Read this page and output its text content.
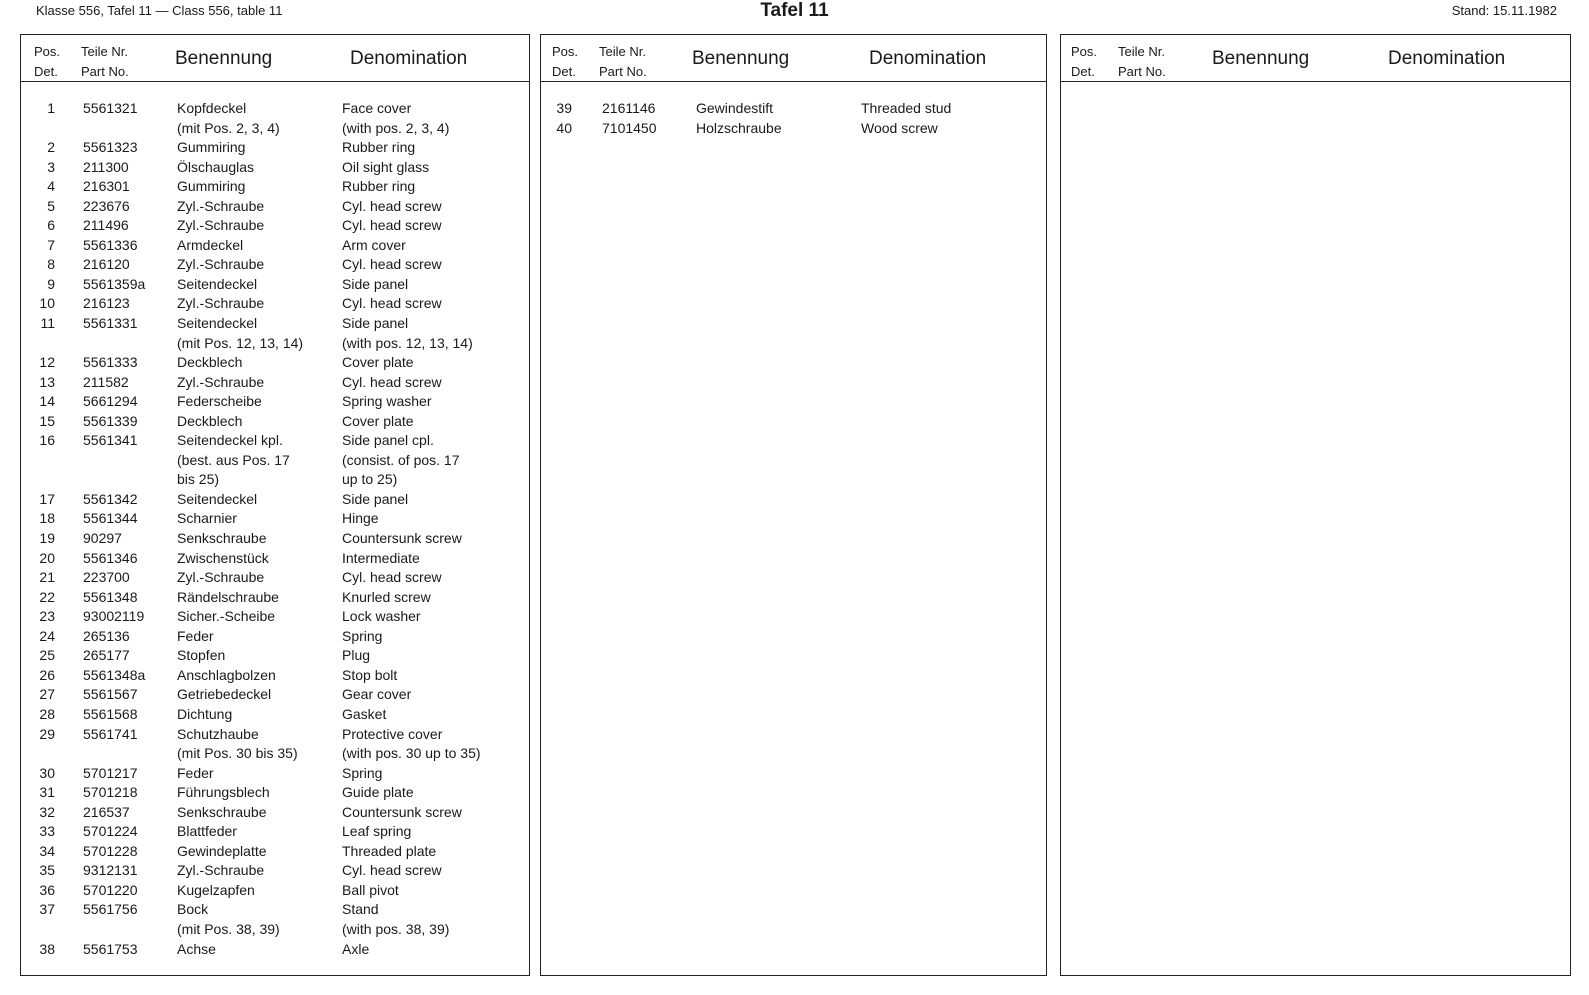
Klasse 556, Tafel 11 — Class 556, table 11	Tafel 11	Stand: 15.11.1982
Pos.
Det.
Teile Nr.
Part No.
Benennung	Denomination
1 5561321	Kopfdeckel	Face cover
(mit Pos. 2, 3, 4)	(with pos. 2, 3, 4)
2 5561323	Gummiring	Rubber ring
3 211300	Ölschauglas	Oil sight glass
4 216301	Gummiring	Rubber ring
5 223676	Zyl.-Schraube	Cyl. head screw
6 211496	Zyl.-Schraube	Cyl. head screw
7 5561336	Armdeckel	Arm cover
8 216120	Zyl.-Schraube	Cyl. head screw
9 5561359a Seitendeckel	Side panel
10 216123	Zyl.-Schraube	Cyl. head screw
11 5561331	Seitendeckel	Side panel
(mit Pos. 12, 13, 14)	(with pos. 12, 13, 14)
12 5561333	Deckblech	Cover plate
13 211582	Zyl.-Schraube	Cyl. head screw
14 5661294	Federscheibe	Spring washer
15 5561339	Deckblech	Cover plate
16 5561341	Seitendeckel kpl.	Side panel cpl.
(best. aus Pos. 17	(consist. of pos. 17
bis 25)	up to 25)
17 5561342	Seitendeckel	Side panel
18 5561344	Scharnier	Hinge
19 90297	Senkschraube	Countersunk screw
20 5561346	Zwischenstück	Intermediate
21 223700	Zyl.-Schraube	Cyl. head screw
22 5561348	Rändelschraube	Knurled screw
23 93002119 Sicher.-Scheibe	Lock washer
24 265136	Feder	Spring
25 265177	Stopfen	Plug
26 5561348a Anschlagbolzen	Stop bolt
27 5561567	Getriebedeckel	Gear cover
28 5561568	Dichtung	Gasket
29 5561741	Schutzhaube	Protective cover
(mit Pos. 30 bis 35)	(with pos. 30 up to 35)
30 5701217	Feder	Spring
31 5701218	Führungsblech	Guide plate
32 216537	Senkschraube	Countersunk screw
33 5701224	Blattfeder	Leaf spring
34 5701228	Gewindeplatte	Threaded plate
35 9312131	Zyl.-Schraube	Cyl. head screw
36 5701220	Kugelzapfen	Ball pivot
37 5561756	Bock	Stand
(mit Pos. 38, 39)	(with pos. 38, 39)
38 5561753	Achse	Axle
Pos.
Det.
Teile Nr.
Part No.
Benennung	Denomination
39 2161146	Gewindestift	Threaded stud
40 7101450	Holzschraube	Wood screw
Pos.
Det.
Teile Nr.
Part No.
Benennung	Denomination
